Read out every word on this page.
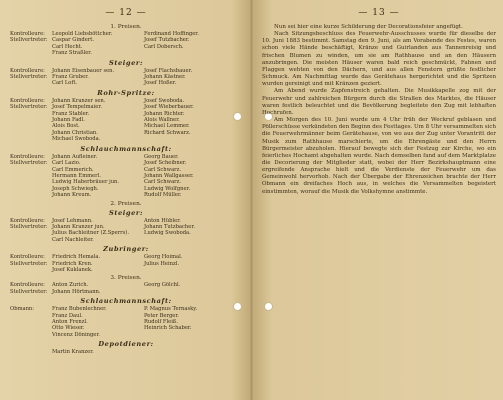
— 12 —
1. Preisen.
Kontrolleure:	Leopold Liebsböttcher.	Ferdinand Hoffinger.
Stellvertreter: Caspar Gindert.	Josef Tutzbacher.
Carl Hecht.	Carl Dobersch.
Franz Straßler.
Steiger:
Kontrolleure:	Johann Eisenbauer sen.	Josef Flachsbauer.
Stellvertreter: Franz Gruber.	Johann Kästner.
Carl Loft.	Josef Hoßer.
Rohr-Spritze:
Kontrolleure:	Johann Kranzer sen.	Josef Swoboda.
Stellvertreter: Josef Tempelmaier.	Josef Wieberbauer.
Franz Stabler.	Johann Richter.
Johann Fadl.	Alois Wallner.
Alois Bost.	Michael Lemmer.
Johann Christian.	Richard Schwarz.
Michael Swoboda.
Schlauchmannschaft:
Kontrolleure:	Johann Aufleiner.	Georg Bauer.
Stellvertreter: Carl Lazio.	Josef Scheibner.
Carl Emmerich.	Carl Schwarz.
Hermann Emmerl.	Johann Wallgasser.
Ludwig Haberbräuer jun.	Carl Schwarz.
Joseph Schwiegh.	Ludwig Wolfgner.
Johann Kreum.	Rudolf Müller.
2. Preisen.
Steiger:
Kontrolleure:	Josef Lehmann.	Anton Hübler.
Stellvertreter: Johann Kranzer jun.	Johann Tutzbacher.
Julius Bachleitner (Z.Sperrs).	Ludwig Swoboda.
Carl Nachleiter.
Zubringer:
Kontrolleure:	Friedrich Hemala.	Georg Hoimal.
Stellvertreter: Friedrich Kren.	Julius Heinzl.
Josef Kuklanek.
3. Preisen.
Kontrolleure:	Anton Zurich.	Georg Gölchl.
Stellvertreter: Johann Hörtmann.
Schlauchmannschaft:
Obmann:	Franz Bubenlechner.	P. Magnus Ternasky.
Franz Daul.	Peter Berger.
Anton Frenzl.	Rudolf Fleiß.
Otto Wieser.	Heinrich Schaber.
Vincenz Döninger.
Depotdiener:
Martin Kranzer.
— 13 —

Nun sei hier eine kurze Schilderung der Decorationsfeier angefügt.

Nach Sitzungsbeschluss des Feuerwehr-Ausschusses wurde für dieselbe der 10. Juni 1883 bestimmt. Samstag den 9. Juni, als am Vorabende des Festes, waren schon viele Hände beschäftigt, Kränze und Guirlanden aus Tannenreisig und frischen Blumen zu winden, um sie am Rathhause und an den Häusern anzubringen. Die meisten Häuser waren bald reich geschmückt, Fahnen und Flaggen wehten von den Dächern, und aus allen Fenstern grüßte festlicher Schmuck. Am Nachmittag wurde das Gerätehaus hergerichtet und die Spritzen wurden gereinigt und mit Kränzen geziert.

Am Abend wurde Zapfenstreich gehalten. Die Musikkapelle zog mit der Feuerwehr und zahlreichen Bürgern durch die Straßen des Marktes, die Häuser waren festlich beleuchtet und die Bevölkerung begleitete den Zug mit lebhaften Hochrufen.

Am Morgen des 10. Juni wurde um 4 Uhr früh der Weckruf geblasen und Pöllerschüsse verkündeten den Beginn des Festtages. Um 8 Uhr versammelten sich die Feuerwehrmänner beim Gerätehause, von wo aus der Zug unter Vorantritt der Musik zum Rathhause marschierte, um die Ehrengäste und den Herrn Bürgermeister abzuholen. Hierauf bewegte sich der Festzug zur Kirche, wo ein feierliches Hochamt abgehalten wurde. Nach demselben fand auf dem Marktplatze die Decorierung der Mitglieder statt, wobei der Herr Bezirkshauptmann eine ergreifende Ansprache hielt und die Verdienste der Feuerwehr um das Gemeinwohl hervorhob. Nach der Übergabe der Ehrenzeichen brachte der Herr Obmann ein dreifaches Hoch aus, in welches die Versammelten begeistert einstimmten, worauf die Musik die Volkshymne anstimmte.
